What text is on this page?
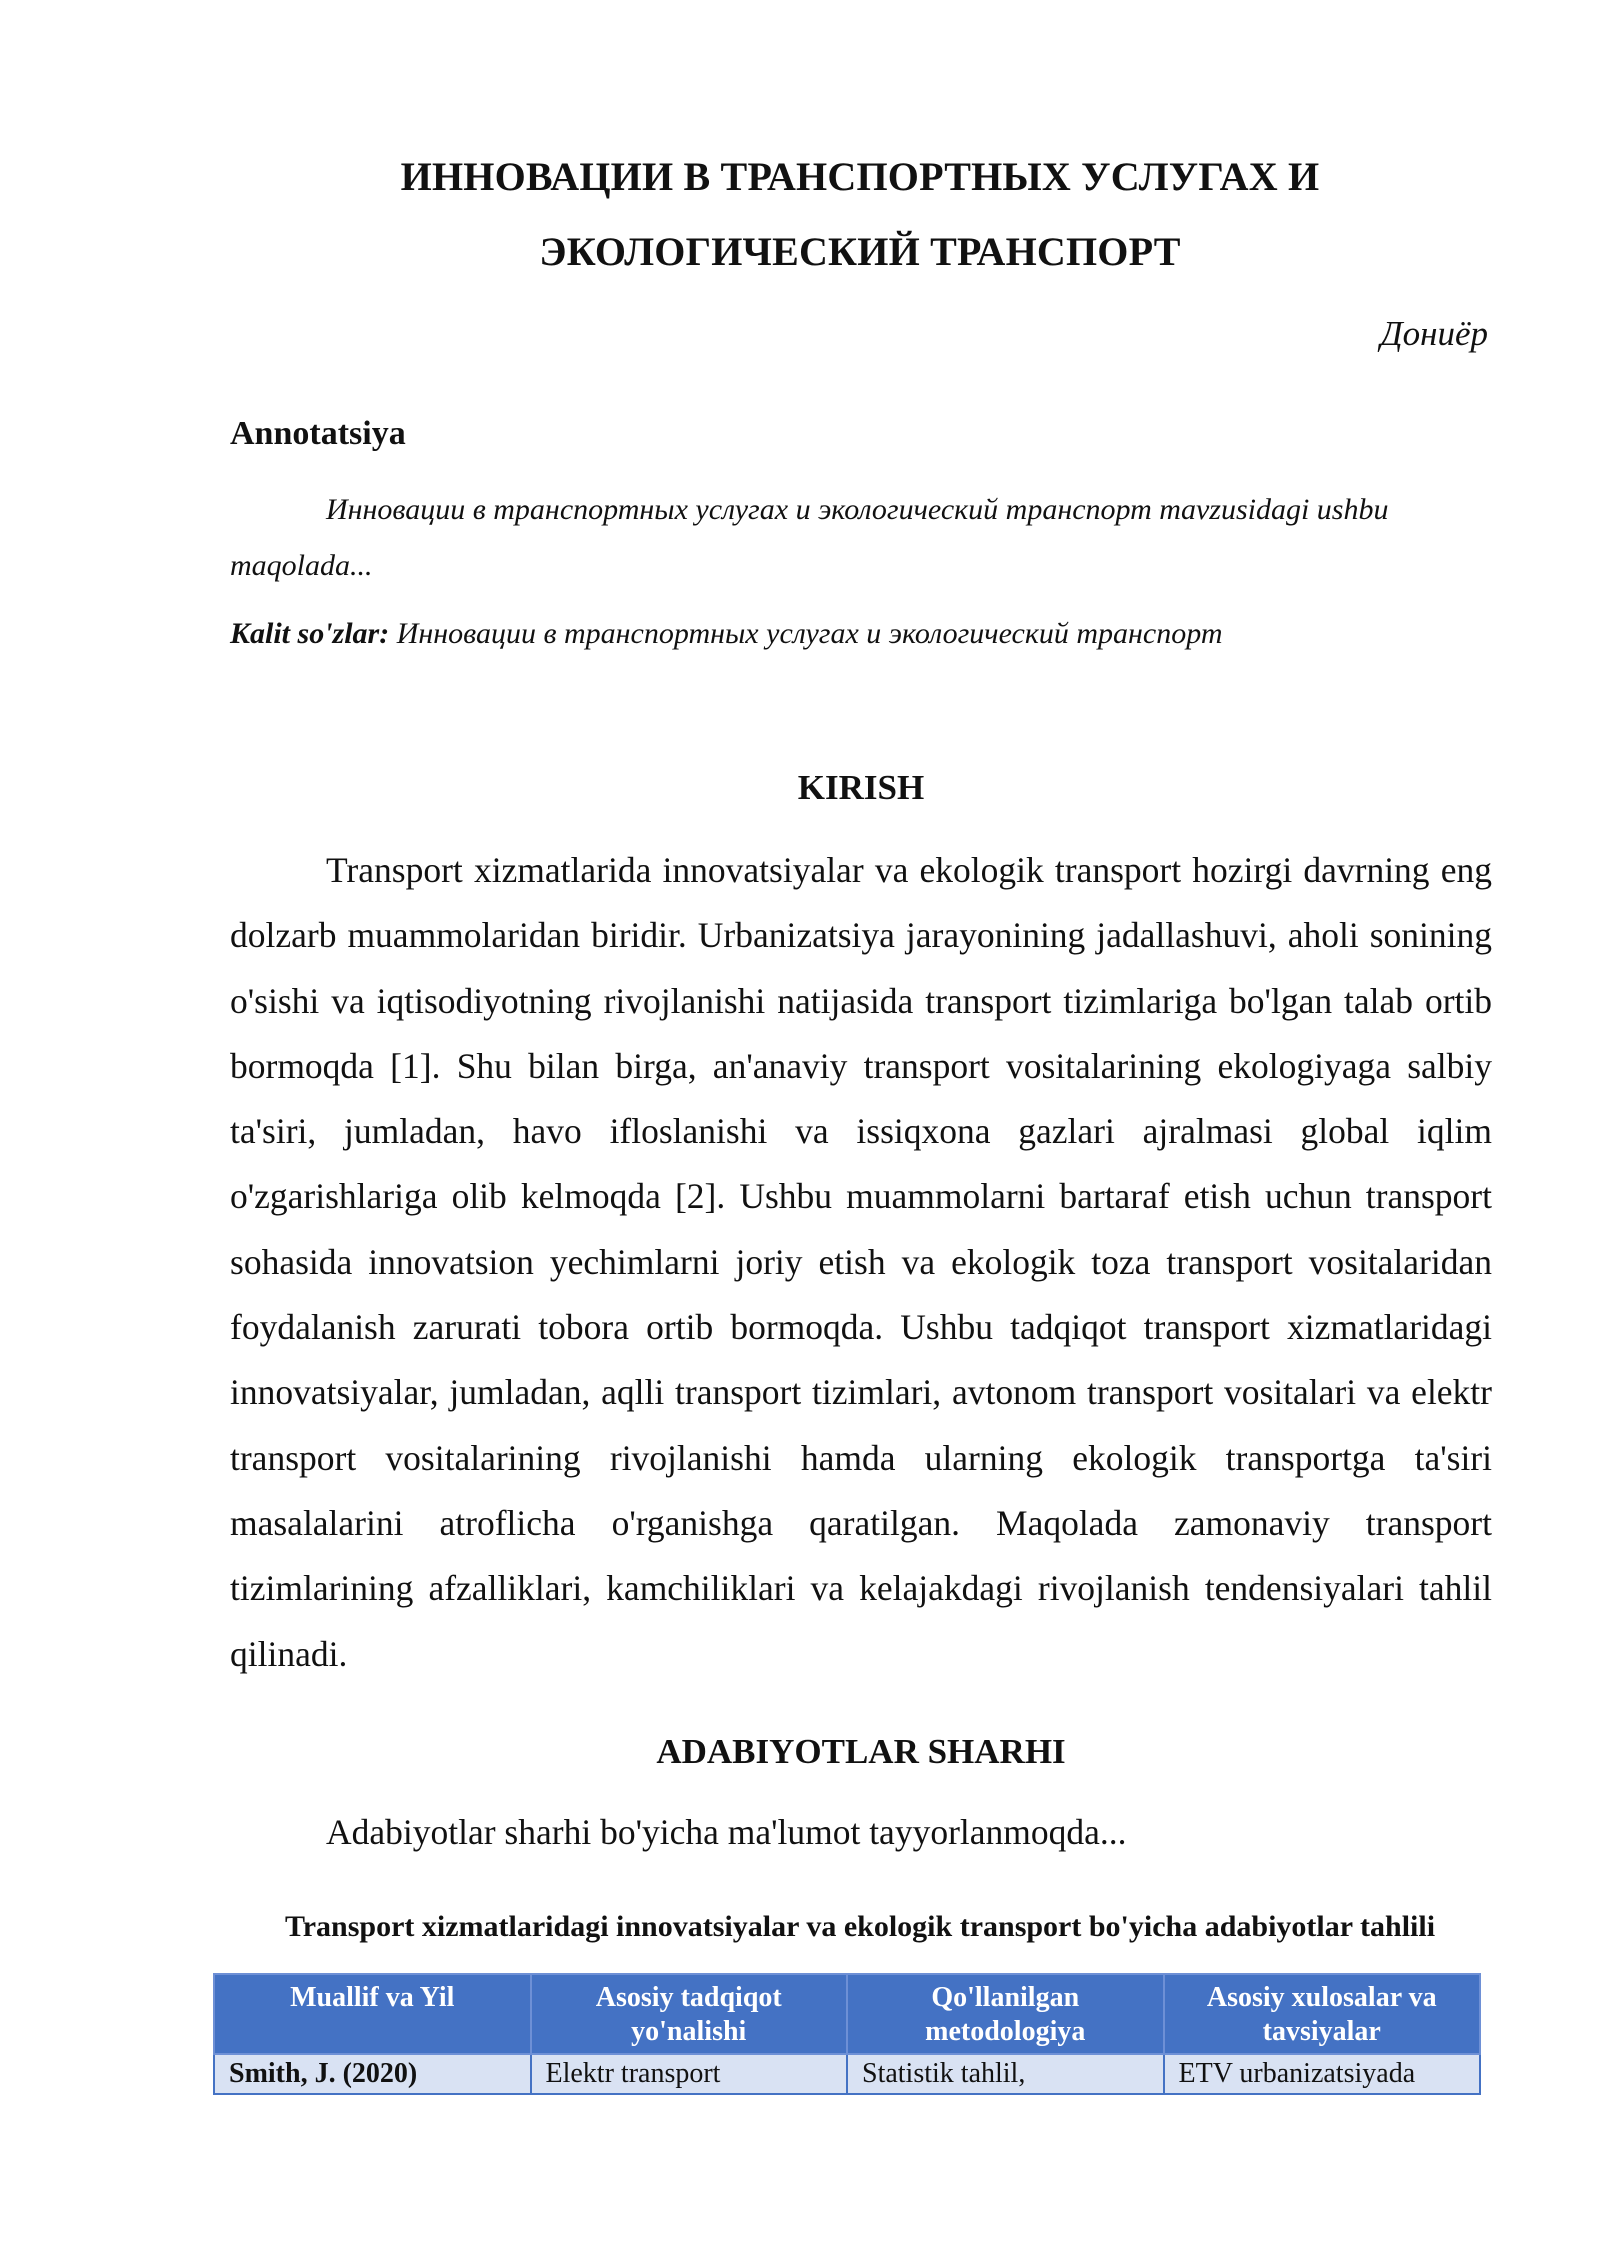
ИННОВАЦИИ В ТРАНСПОРТНЫХ УСЛУГАХ И
ЭКОЛОГИЧЕСКИЙ ТРАНСПОРТ
Дониёр
Annotatsiya
Инновации в транспортных услугах и экологический транспорт mavzusidagi ushbu maqolada...
Kalit so'zlar: Инновации в транспортных услугах и экологический транспорт
KIRISH
Transport xizmatlarida innovatsiyalar va ekologik transport hozirgi davrning eng dolzarb muammolaridan biridir. Urbanizatsiya jarayonining jadallashuvi, aholi sonining o'sishi va iqtisodiyotning rivojlanishi natijasida transport tizimlariga bo'lgan talab ortib bormoqda [1]. Shu bilan birga, an'anaviy transport vositalarining ekologiyaga salbiy ta'siri, jumladan, havo ifloslanishi va issiqxona gazlari ajralmasi global iqlim o'zgarishlariga olib kelmoqda [2]. Ushbu muammolarni bartaraf etish uchun transport sohasida innovatsion yechimlarni joriy etish va ekologik toza transport vositalaridan foydalanish zarurati tobora ortib bormoqda. Ushbu tadqiqot transport xizmatlaridagi innovatsiyalar, jumladan, aqlli transport tizimlari, avtonom transport vositalari va elektr transport vositalarining rivojlanishi hamda ularning ekologik transportga ta'siri masalalarini atroflicha o'rganishga qaratilgan. Maqolada zamonaviy transport tizimlarining afzalliklari, kamchiliklari va kelajakdagi rivojlanish tendensiyalari tahlil qilinadi.
ADABIYOTLAR SHARHI
Adabiyotlar sharhi bo'yicha ma'lumot tayyorlanmoqda...
Transport xizmatlaridagi innovatsiyalar va ekologik transport bo'yicha adabiyotlar tahlili
Muallif va Yil	Asosiy tadqiqot yo'nalishi	Qo'llanilgan metodologiya	Asosiy xulosalar va tavsiyalar
Smith, J. (2020)	Elektr transport	Statistik tahlil,	ETV urbanizatsiyada
